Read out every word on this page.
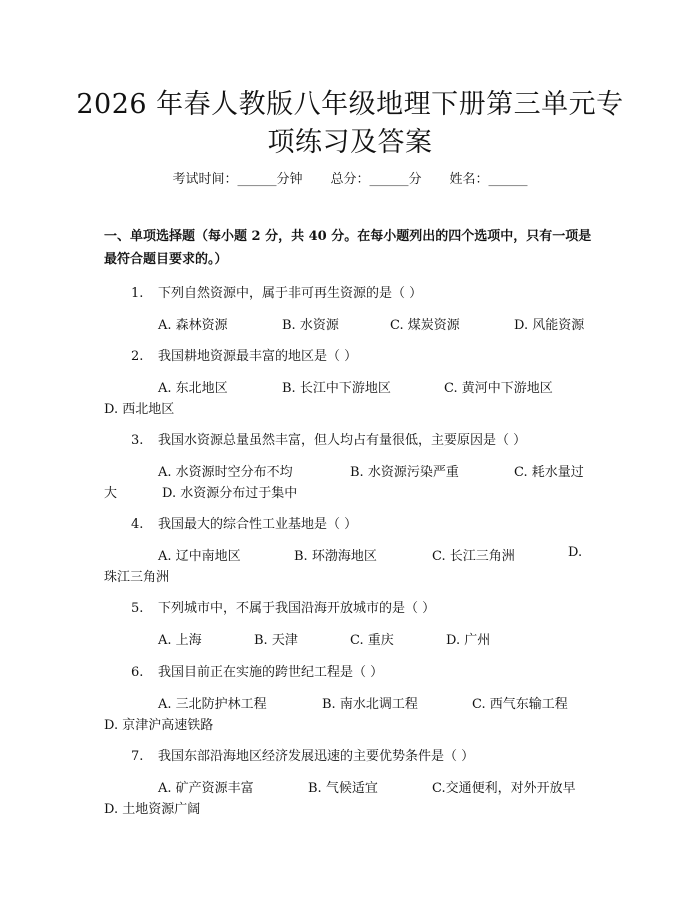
2026 年春人教版八年级地理下册第三单元专
项练习及答案
考试时间：______分钟 总分：______分 姓名：______
一、单项选择题（每小题 2 分，共 40 分。在每小题列出的四个选项中，只有一项是最符合题目要求的。）
1. 下列自然资源中，属于非可再生资源的是（ ）
A. 森林资源	B. 水资源	C. 煤炭资源	D. 风能资源
2. 我国耕地资源最丰富的地区是（ ）
A. 东北地区	B. 长江中下游地区	C. 黄河中下游地区
D. 西北地区
3. 我国水资源总量虽然丰富，但人均占有量很低，主要原因是（ ）
A. 水资源时空分布不均	B. 水资源污染严重	C. 耗水量过
大	D. 水资源分布过于集中
4. 我国最大的综合性工业基地是（ ）
A. 辽中南地区	B. 环渤海地区	C. 长江三角洲	D.
珠江三角洲
5. 下列城市中，不属于我国沿海开放城市的是（ ）
A. 上海	B. 天津	C. 重庆	D. 广州
6. 我国目前正在实施的跨世纪工程是（ ）
A. 三北防护林工程	B. 南水北调工程	C. 西气东输工程
D. 京津沪高速铁路
7. 我国东部沿海地区经济发展迅速的主要优势条件是（ ）
A. 矿产资源丰富	B. 气候适宜	C.交通便利，对外开放早
D. 土地资源广阔
